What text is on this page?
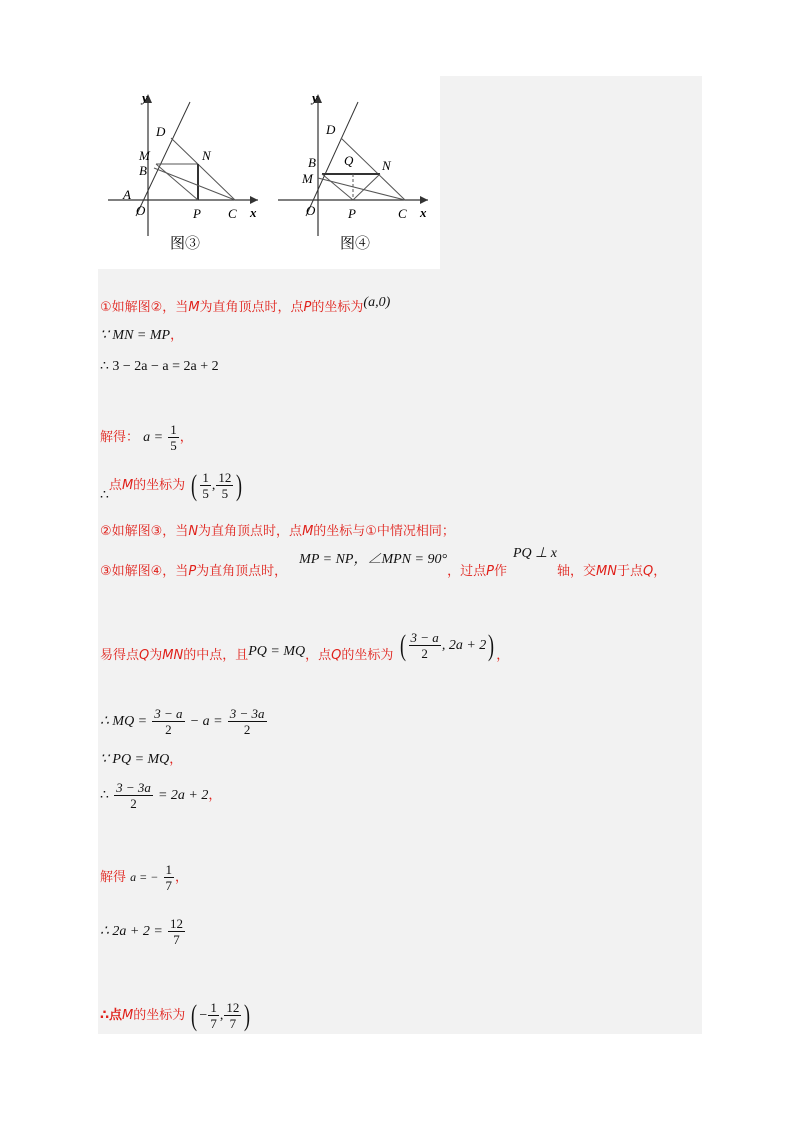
y
x
D
M	N
B
A
O	P C
图③
y
x
D
B Q N
M
O	P	C
图④
①如解图②，当M为直角顶点时，点P的坐标为(a,0)
∵ MN = MP，
∴ 3 − 2a − a = 2a + 2
解得： $a = \frac{1}{5}$ ，
∴点M的坐标为 ( $\frac{1}{5}$ , $\frac{12}{5}$ )
②如解图③，当N为直角顶点时，点M的坐标与①中情况相同；
③如解图④，当P为直角顶点时，MP = NP，∠MPN = 90°，过点P作PQ ⊥ x轴，交MN于点Q，
易得点Q为MN的中点，且PQ = MQ，点Q的坐标为 ( $\frac{3 - a}{2}$ , 2a + 2) ，
∴ MQ = $\frac{3 - a}{2} - a = \frac{3 - 3a}{2}$
∵ PQ = MQ，
∴ $\frac{3 - 3a}{2} = 2a + 2$，
解得 a = − $\frac{1}{7}$ ，
∴ $2a + 2 = \frac{12}{7}$
∴点M的坐标为 ( − $\frac{1}{7}$ , $\frac{12}{7}$ )
